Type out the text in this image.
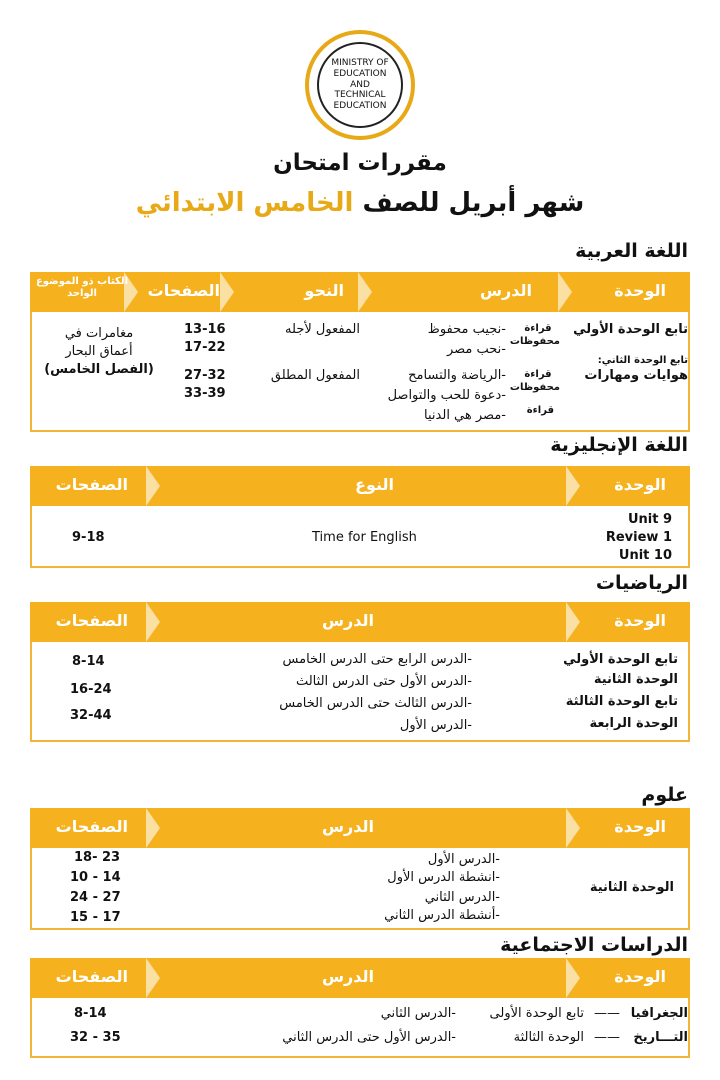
MINISTRY OF EDUCATION AND TECHNICAL EDUCATION
مقررات امتحان
شهر أبريل للصف الخامس الابتدائي
اللغة العربية
الوحدة
الدرس
النحو
الصفحات
الكتاب ذو الموضوع الواحد
تابع الوحدة الأولي
تابع الوحدة الثاني:
هوايات ومهارات
قراءة محفوظات
قراءة محفوظات
قراءة
-نجيب محفوظ
-نحب مصر
-الرياضة والتسامح
-دعوة للحب والتواصل
-مصر هي الدنيا
المفعول لأجله
المفعول المطلق
13-16
17-22
27-32
33-39
مغامرات في
أعماق البحار
(الفصل الخامس)
اللغة الإنجليزية
الوحدة
النوع
الصفحات
Unit 9
Review 1
Unit 10
Time for English
9-18
الرياضيات
الوحدة
الدرس
الصفحات
تابع الوحدة الأولي
الوحدة الثانية
تابع الوحدة الثالثة
الوحدة الرابعة
-الدرس الرابع حتى الدرس الخامس
-الدرس الأول حتى الدرس الثالث
-الدرس الثالث حتى الدرس الخامس
-الدرس الأول
8-14
16-24
32-44
علوم
الوحدة
الدرس
الصفحات
الوحدة الثانية
-الدرس الأول
-انشطة الدرس الأول
-الدرس الثاني
-أنشطة الدرس الثاني
18- 23
10 - 14
24 - 27
15 - 17
الدراسات الاجتماعية
الوحدة
الدرس
الصفحات
الجغرافيا
——
تابع الوحدة الأولى
-الدرس الثاني
8-14
التـــاريخ
——
الوحدة الثالثة
-الدرس الأول حتى الدرس الثاني
32 - 35
